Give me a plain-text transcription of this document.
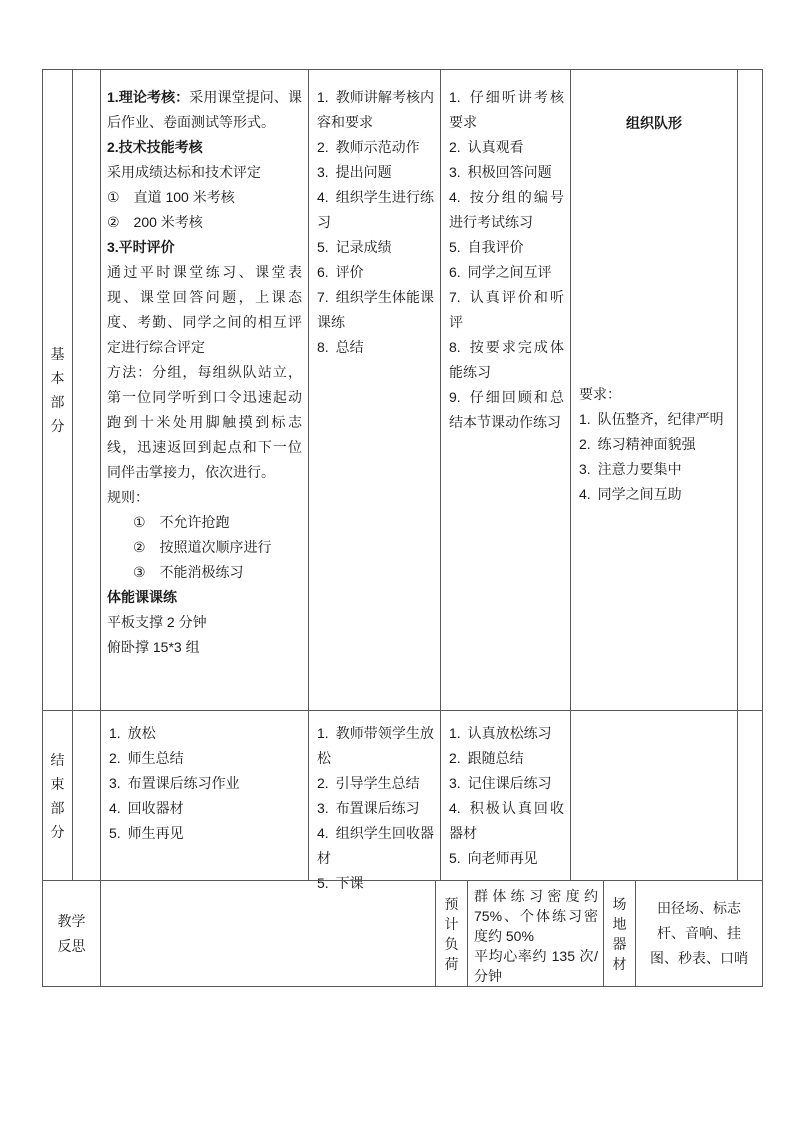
基本部分

1.理论考核：采用课堂提问、课后作业、卷面测试等形式。

2.技术技能考核

采用成绩达标和技术评定

① 直道 100 米考核

② 200 米考核

3.平时评价

通过平时课堂练习、课堂表现、课堂回答问题，上课态度、考勤、同学之间的相互评定进行综合评定

方法：分组，每组纵队站立，第一位同学听到口令迅速起动跑到十米处用脚触摸到标志线，迅速返回到起点和下一位同伴击掌接力，依次进行。

规则：

① 不允许抢跑

② 按照道次顺序进行

③ 不能消极练习

体能课课练

平板支撑 2 分钟

俯卧撑 15*3 组

1. 教师讲解考核内容和要求
2. 教师示范动作
3. 提出问题
4. 组织学生进行练习
5. 记录成绩
6. 评价
7. 组织学生体能课课练
8. 总结
1. 仔细听讲考核要求
2. 认真观看
3. 积极回答问题
4. 按分组的编号进行考试练习
5. 自我评价
6. 同学之间互评
7. 认真评价和听评
8. 按要求完成体能练习
9. 仔细回顾和总结本节课动作练习
组织队形
要求：
1. 队伍整齐，纪律严明
2. 练习精神面貌强
3. 注意力要集中
4. 同学之间互助
结束部分
1. 放松
2. 师生总结
3. 布置课后练习作业
4. 回收器材
5. 师生再见
1. 教师带领学生放松
2. 引导学生总结
3. 布置课后练习
4. 组织学生回收器材
5. 下课
1. 认真放松练习
2. 跟随总结
3. 记住课后练习
4. 积极认真回收器材
5. 向老师再见
教学反思
预计负荷
群体练习密度约 75%、个体练习密度约 50%
平均心率约 135 次/分钟
场地器材
田径场、标志杆、音响、挂图、秒表、口哨
